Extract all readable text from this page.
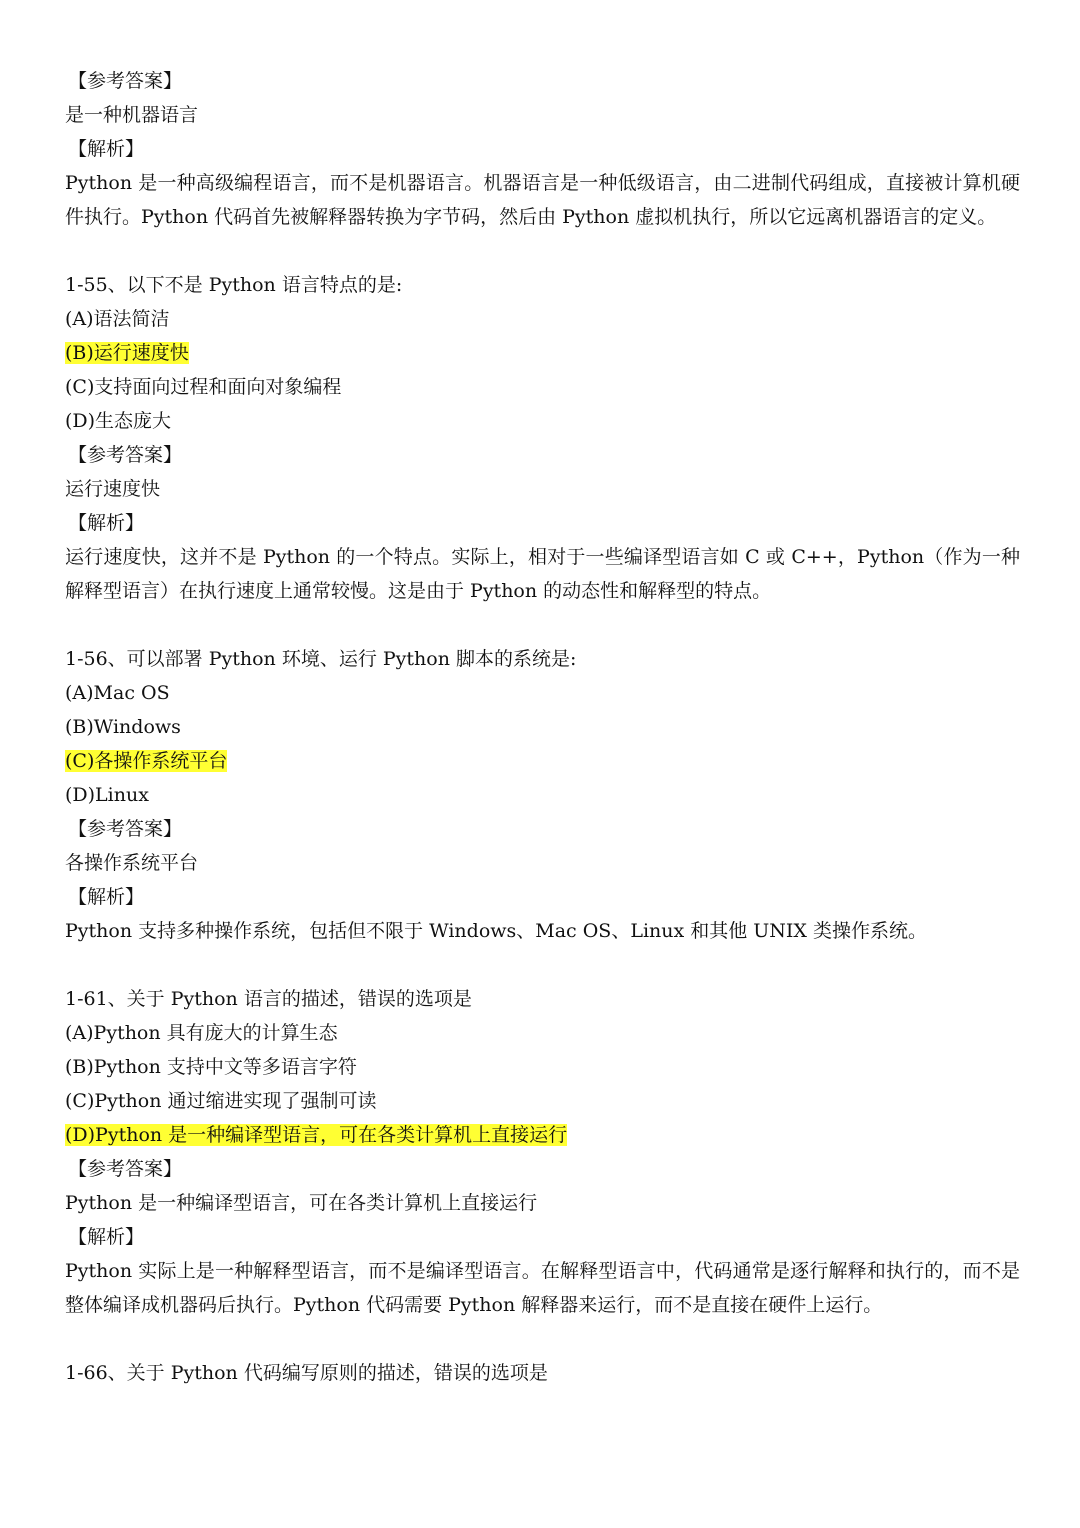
【参考答案】
是一种机器语言
【解析】
Python 是一种高级编程语言，而不是机器语言。机器语言是一种低级语言，由二进制代码组成，直接被计算机硬件执行。Python 代码首先被解释器转换为字节码，然后由 Python 虚拟机执行，所以它远离机器语言的定义。
1-55、以下不是 Python 语言特点的是:
(A)语法简洁
(B)运行速度快
(C)支持面向过程和面向对象编程
(D)生态庞大
【参考答案】
运行速度快
【解析】
运行速度快，这并不是 Python 的一个特点。实际上，相对于一些编译型语言如 C 或 C++，Python（作为一种解释型语言）在执行速度上通常较慢。这是由于 Python 的动态性和解释型的特点。
1-56、可以部署 Python 环境、运行 Python 脚本的系统是:
(A)Mac OS
(B)Windows
(C)各操作系统平台
(D)Linux
【参考答案】
各操作系统平台
【解析】
Python 支持多种操作系统，包括但不限于 Windows、Mac OS、Linux 和其他 UNIX 类操作系统。
1-61、关于 Python 语言的描述，错误的选项是
(A)Python 具有庞大的计算生态
(B)Python 支持中文等多语言字符
(C)Python 通过缩进实现了强制可读
(D)Python 是一种编译型语言，可在各类计算机上直接运行
【参考答案】
Python 是一种编译型语言，可在各类计算机上直接运行
【解析】
Python 实际上是一种解释型语言，而不是编译型语言。在解释型语言中，代码通常是逐行解释和执行的，而不是整体编译成机器码后执行。Python 代码需要 Python 解释器来运行，而不是直接在硬件上运行。
1-66、关于 Python 代码编写原则的描述，错误的选项是
